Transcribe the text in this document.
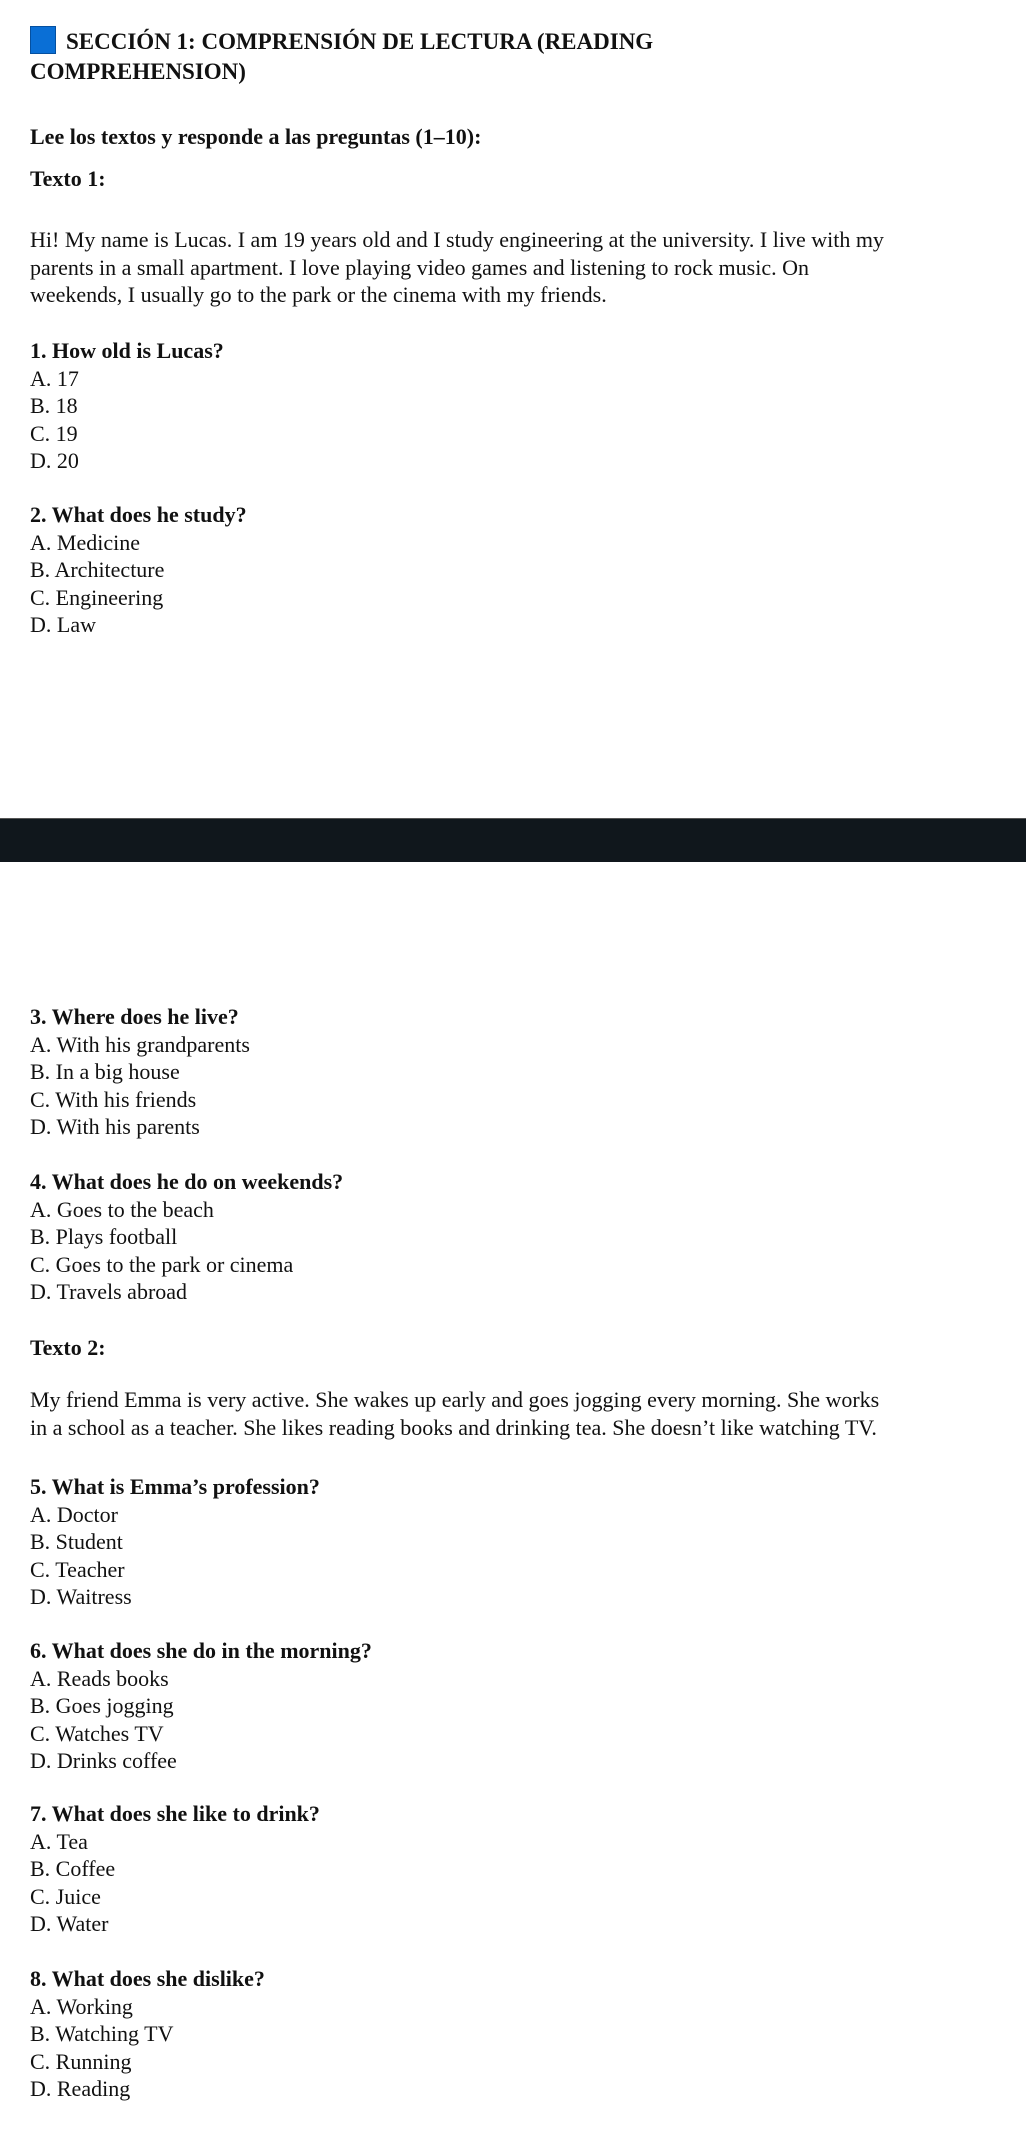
SECCIÓN 1: COMPRENSIÓN DE LECTURA (READING
COMPREHENSION)
Lee los textos y responde a las preguntas (1–10):
Texto 1:
Hi! My name is Lucas. I am 19 years old and I study engineering at the university. I live with my
parents in a small apartment. I love playing video games and listening to rock music. On
weekends, I usually go to the park or the cinema with my friends.
Texto 2:
My friend Emma is very active. She wakes up early and goes jogging every morning. She works
in a school as a teacher. She likes reading books and drinking tea. She doesn’t like watching TV.
1. How old is Lucas?
A. 17
B. 18
C. 19
D. 20
2. What does he study?
A. Medicine
B. Architecture
C. Engineering
D. Law
3. Where does he live?
A. With his grandparents
B. In a big house
C. With his friends
D. With his parents
4. What does he do on weekends?
A. Goes to the beach
B. Plays football
C. Goes to the park or cinema
D. Travels abroad
5. What is Emma’s profession?
A. Doctor
B. Student
C. Teacher
D. Waitress
6. What does she do in the morning?
A. Reads books
B. Goes jogging
C. Watches TV
D. Drinks coffee
7. What does she like to drink?
A. Tea
B. Coffee
C. Juice
D. Water
8. What does she dislike?
A. Working
B. Watching TV
C. Running
D. Reading
